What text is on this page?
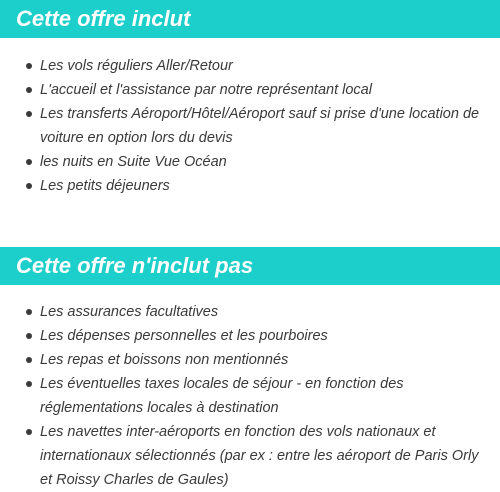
Cette offre inclut
Les vols réguliers Aller/Retour
L'accueil et l'assistance par notre représentant local
Les transferts Aéroport/Hôtel/Aéroport sauf si prise d'une location de voiture en option lors du devis
les nuits en Suite Vue Océan
Les petits déjeuners
Cette offre n'inclut pas
Les assurances facultatives
Les dépenses personnelles et les pourboires
Les repas et boissons non mentionnés
Les éventuelles taxes locales de séjour - en fonction des réglementations locales à destination
Les navettes inter-aéroports en fonction des vols nationaux et internationaux sélectionnés (par ex : entre les aéroport de Paris Orly et Roissy Charles de Gaules)
